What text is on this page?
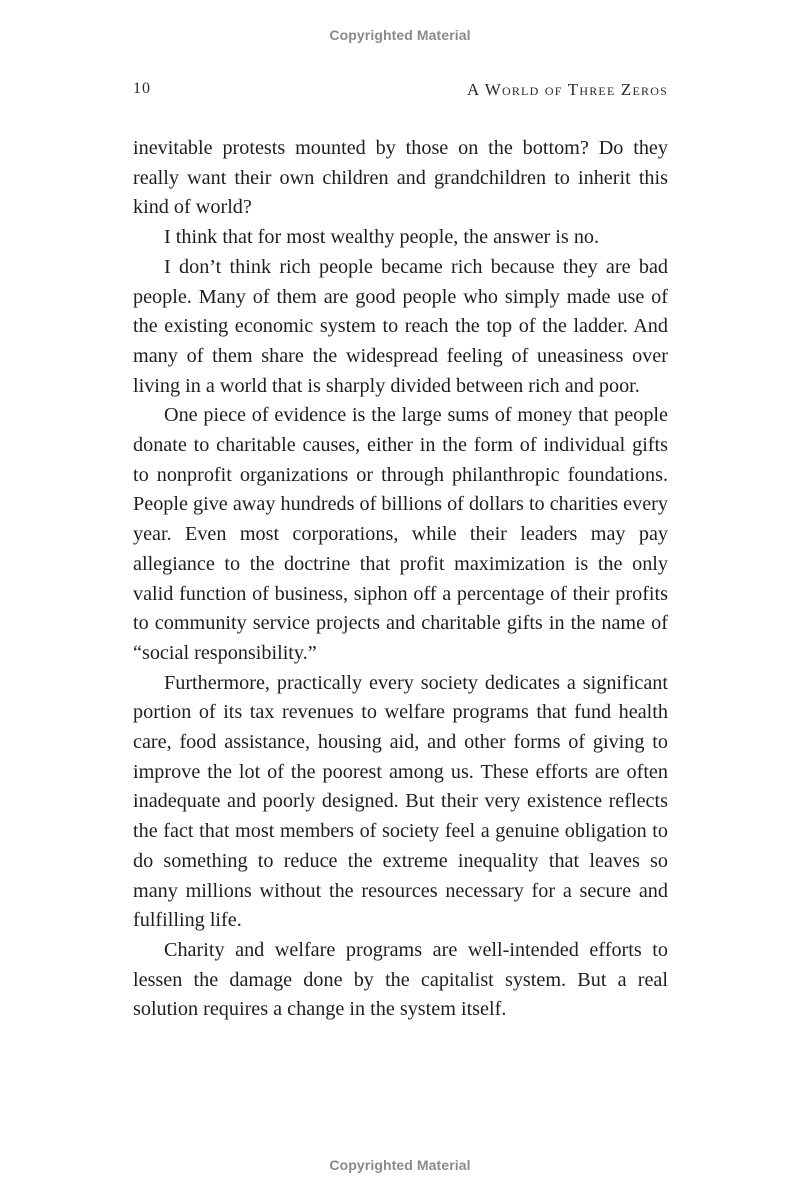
Copyrighted Material
10	A World of Three Zeros

inevitable protests mounted by those on the bottom? Do they really want their own children and grandchildren to inherit this kind of world?

I think that for most wealthy people, the answer is no.

I don’t think rich people became rich because they are bad people. Many of them are good people who simply made use of the existing economic system to reach the top of the ladder. And many of them share the widespread feeling of uneasiness over living in a world that is sharply divided between rich and poor.

One piece of evidence is the large sums of money that people donate to charitable causes, either in the form of individual gifts to nonprofit organizations or through philanthropic foundations. People give away hundreds of billions of dollars to charities every year. Even most corporations, while their leaders may pay allegiance to the doctrine that profit maximization is the only valid function of business, siphon off a percentage of their profits to community service projects and charitable gifts in the name of “social responsibility.”

Furthermore, practically every society dedicates a significant portion of its tax revenues to welfare programs that fund health care, food assistance, housing aid, and other forms of giving to improve the lot of the poorest among us. These efforts are often inadequate and poorly designed. But their very existence reflects the fact that most members of society feel a genuine obligation to do something to reduce the extreme inequality that leaves so many millions without the resources necessary for a secure and fulfilling life.

Charity and welfare programs are well-intended efforts to lessen the damage done by the capitalist system. But a real solution requires a change in the system itself.

Copyrighted Material
